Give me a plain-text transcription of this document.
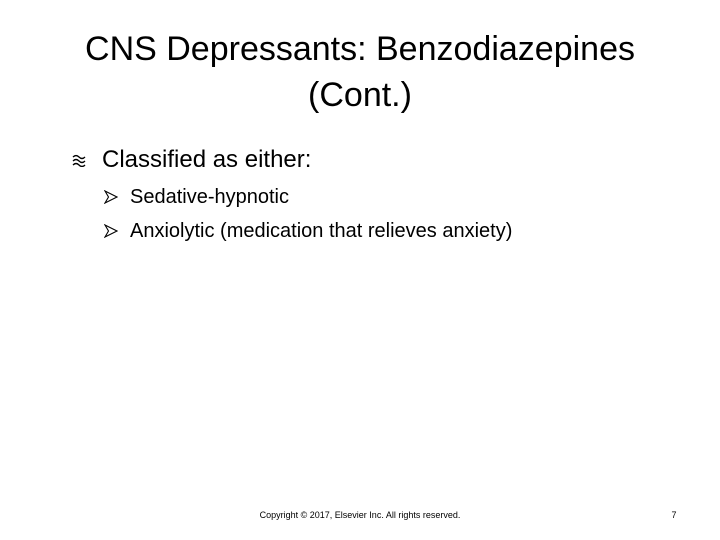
CNS Depressants: Benzodiazepines
(Cont.)
Classified as either:
Sedative-hypnotic
Anxiolytic (medication that relieves anxiety)
Copyright © 2017, Elsevier Inc. All rights reserved.	7
